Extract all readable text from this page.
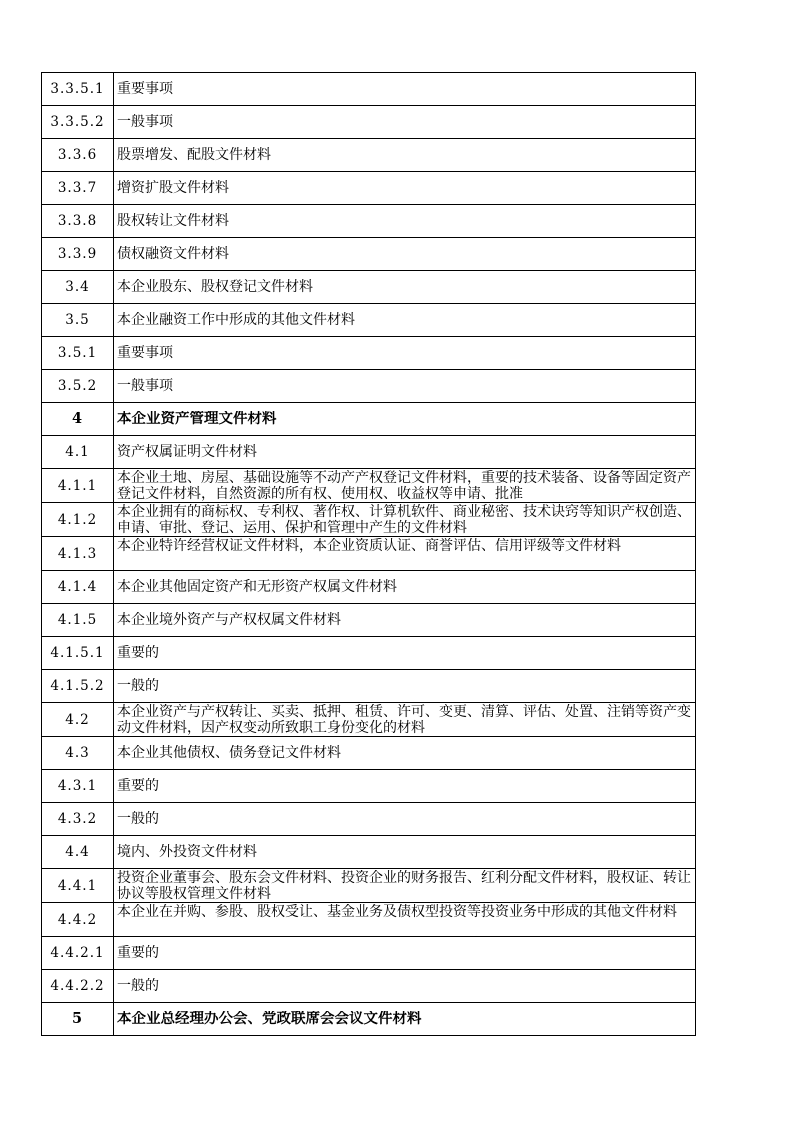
3.3.5.1	重要事项

3.3.5.2	一般事项

3.3.6	股票增发、配股文件材料

3.3.7	增资扩股文件材料

3.3.8	股权转让文件材料

3.3.9	债权融资文件材料

3.4	本企业股东、股权登记文件材料

3.5	本企业融资工作中形成的其他文件材料

3.5.1	重要事项

3.5.2	一般事项

4	本企业资产管理文件材料

4.1	资产权属证明文件材料

4.1.1	本企业土地、房屋、基础设施等不动产产权登记文件材料，重要的技术装备、设备等固定资产登记文件材料，自然资源的所有权、使用权、收益权等申请、批准

4.1.2	本企业拥有的商标权、专利权、著作权、计算机软件、商业秘密、技术诀窍等知识产权创造、申请、审批、登记、运用、保护和管理中产生的文件材料

4.1.3	本企业特许经营权证文件材料，本企业资质认证、商誉评估、信用评级等文件材料

4.1.4	本企业其他固定资产和无形资产权属文件材料

4.1.5	本企业境外资产与产权权属文件材料

4.1.5.1	重要的

4.1.5.2	一般的

4.2	本企业资产与产权转让、买卖、抵押、租赁、许可、变更、清算、评估、处置、注销等资产变动文件材料，因产权变动所致职工身份变化的材料

4.3	本企业其他债权、债务登记文件材料

4.3.1	重要的

4.3.2	一般的

4.4	境内、外投资文件材料

4.4.1	投资企业董事会、股东会文件材料、投资企业的财务报告、红利分配文件材料，股权证、转让协议等股权管理文件材料

4.4.2	本企业在并购、参股、股权受让、基金业务及债权型投资等投资业务中形成的其他文件材料

4.4.2.1	重要的

4.4.2.2	一般的

5	本企业总经理办公会、党政联席会会议文件材料
